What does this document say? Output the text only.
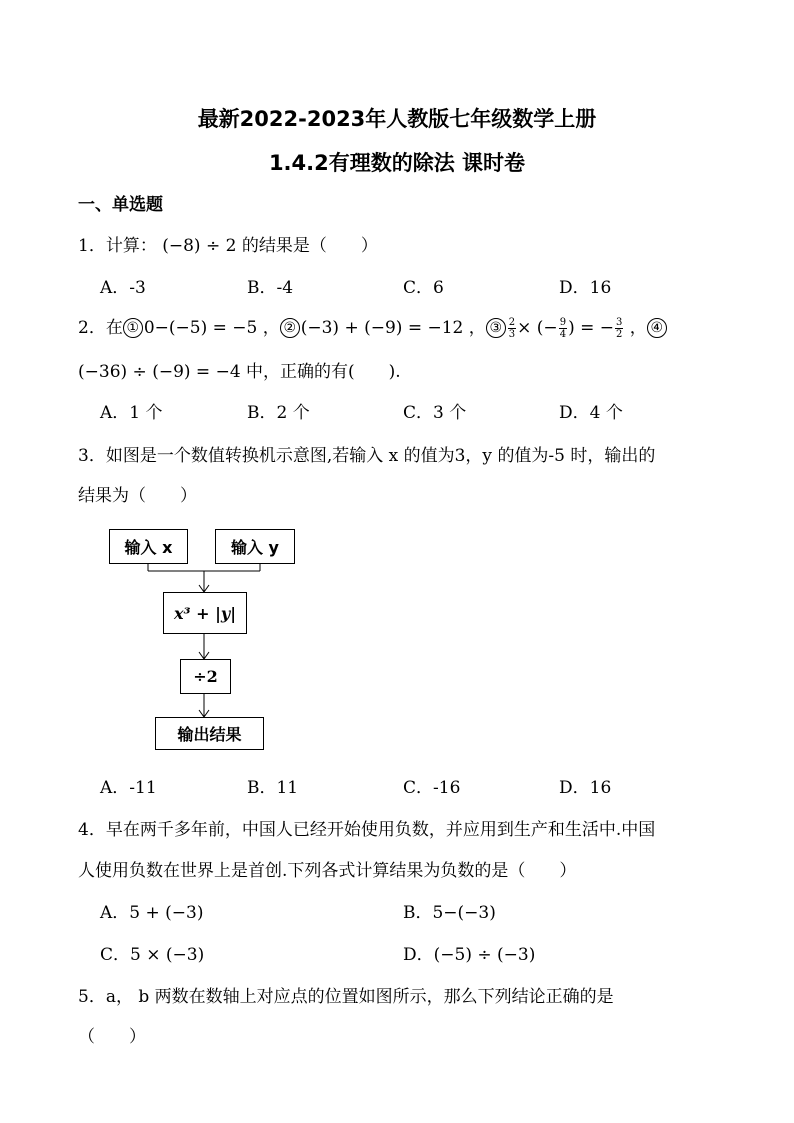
最新2022-2023年人教版七年级数学上册
1.4.2有理数的除法 课时卷
一、单选题
1．计算： (−8) ÷ 2 的结果是（　　）
A．-3	B．-4	C．6	D．16
2．在 ① 0−(−5) = −5 ， ② (−3) + (−9) = −12 ， ③ $\frac{2}{3}$ × (− $\frac{9}{4}$ ) = − $\frac{3}{2}$ ， ④
(−36) ÷ (−9) = −4 中，正确的有(　　).
A．1 个	B．2 个	C．3 个	D．4 个
3．如图是一个数值转换机示意图,若输入 x 的值为3，y 的值为-5 时，输出的
结果为（　　）
输入 x	输入 y
x³ + |y|
÷2
输出结果
A．-11	B．11	C．-16	D．16
4．早在两千多年前，中国人已经开始使用负数，并应用到生产和生活中.中国
人使用负数在世界上是首创.下列各式计算结果为负数的是（　　）
A．5 + (−3)	B．5−(−3)
C．5 × (−3)	D．(−5) ÷ (−3)
5．a， b 两数在数轴上对应点的位置如图所示，那么下列结论正确的是
（　　）
